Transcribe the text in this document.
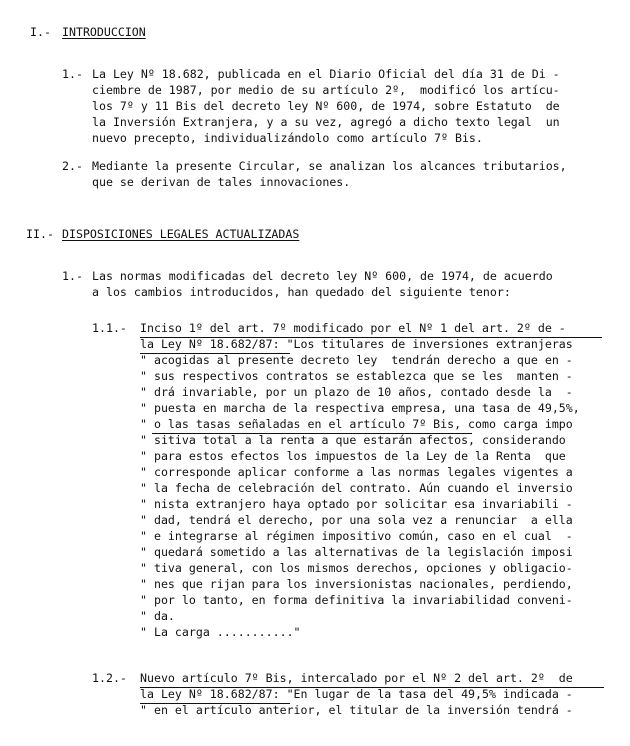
I.- INTRODUCCION
1.- La Ley Nº 18.682, publicada en el Diario Oficial del día 31 de Di -
ciembre de 1987, por medio de su artículo 2º,  modificó los artícu-
los 7º y 11 Bis del decreto ley Nº 600, de 1974, sobre Estatuto  de
la Inversión Extranjera, y a su vez, agregó a dicho texto legal  un
nuevo precepto, individualizándolo como artículo 7º Bis.
2.- Mediante la presente Circular, se analizan los alcances tributarios,
que se derivan de tales innovaciones.
II.- DISPOSICIONES LEGALES ACTUALIZADAS
1.- Las normas modificadas del decreto ley Nº 600, de 1974, de acuerdo
a los cambios introducidos, han quedado del siguiente tenor:
1.1.- Inciso 1º del art. 7º modificado por el Nº 1 del art. 2º de -
la Ley Nº 18.682/87: "Los titulares de inversiones extranjeras
" acogidas al presente decreto ley  tendrán derecho a que en -
" sus respectivos contratos se establezca que se les  manten -
" drá invariable, por un plazo de 10 años, contado desde la  -
" puesta en marcha de la respectiva empresa, una tasa de 49,5%,
" o las tasas señaladas en el artículo 7º Bis, como carga impo
" sitiva total a la renta a que estarán afectos, considerando
" para estos efectos los impuestos de la Ley de la Renta  que
" corresponde aplicar conforme a las normas legales vigentes a
" la fecha de celebración del contrato. Aún cuando el inversio
" nista extranjero haya optado por solicitar esa invariabili -
" dad, tendrá el derecho, por una sola vez a renunciar  a ella
" e integrarse al régimen impositivo común, caso en el cual  -
" quedará sometido a las alternativas de la legislación imposi
" tiva general, con los mismos derechos, opciones y obligacio-
" nes que rijan para los inversionistas nacionales, perdiendo,
" por lo tanto, en forma definitiva la invariabilidad conveni-
" da.
" La carga ..........."
1.2.- Nuevo artículo 7º Bis, intercalado por el Nº 2 del art. 2º  de
la Ley Nº 18.682/87: "En lugar de la tasa del 49,5% indicada -
" en el artículo anterior, el titular de la inversión tendrá -
